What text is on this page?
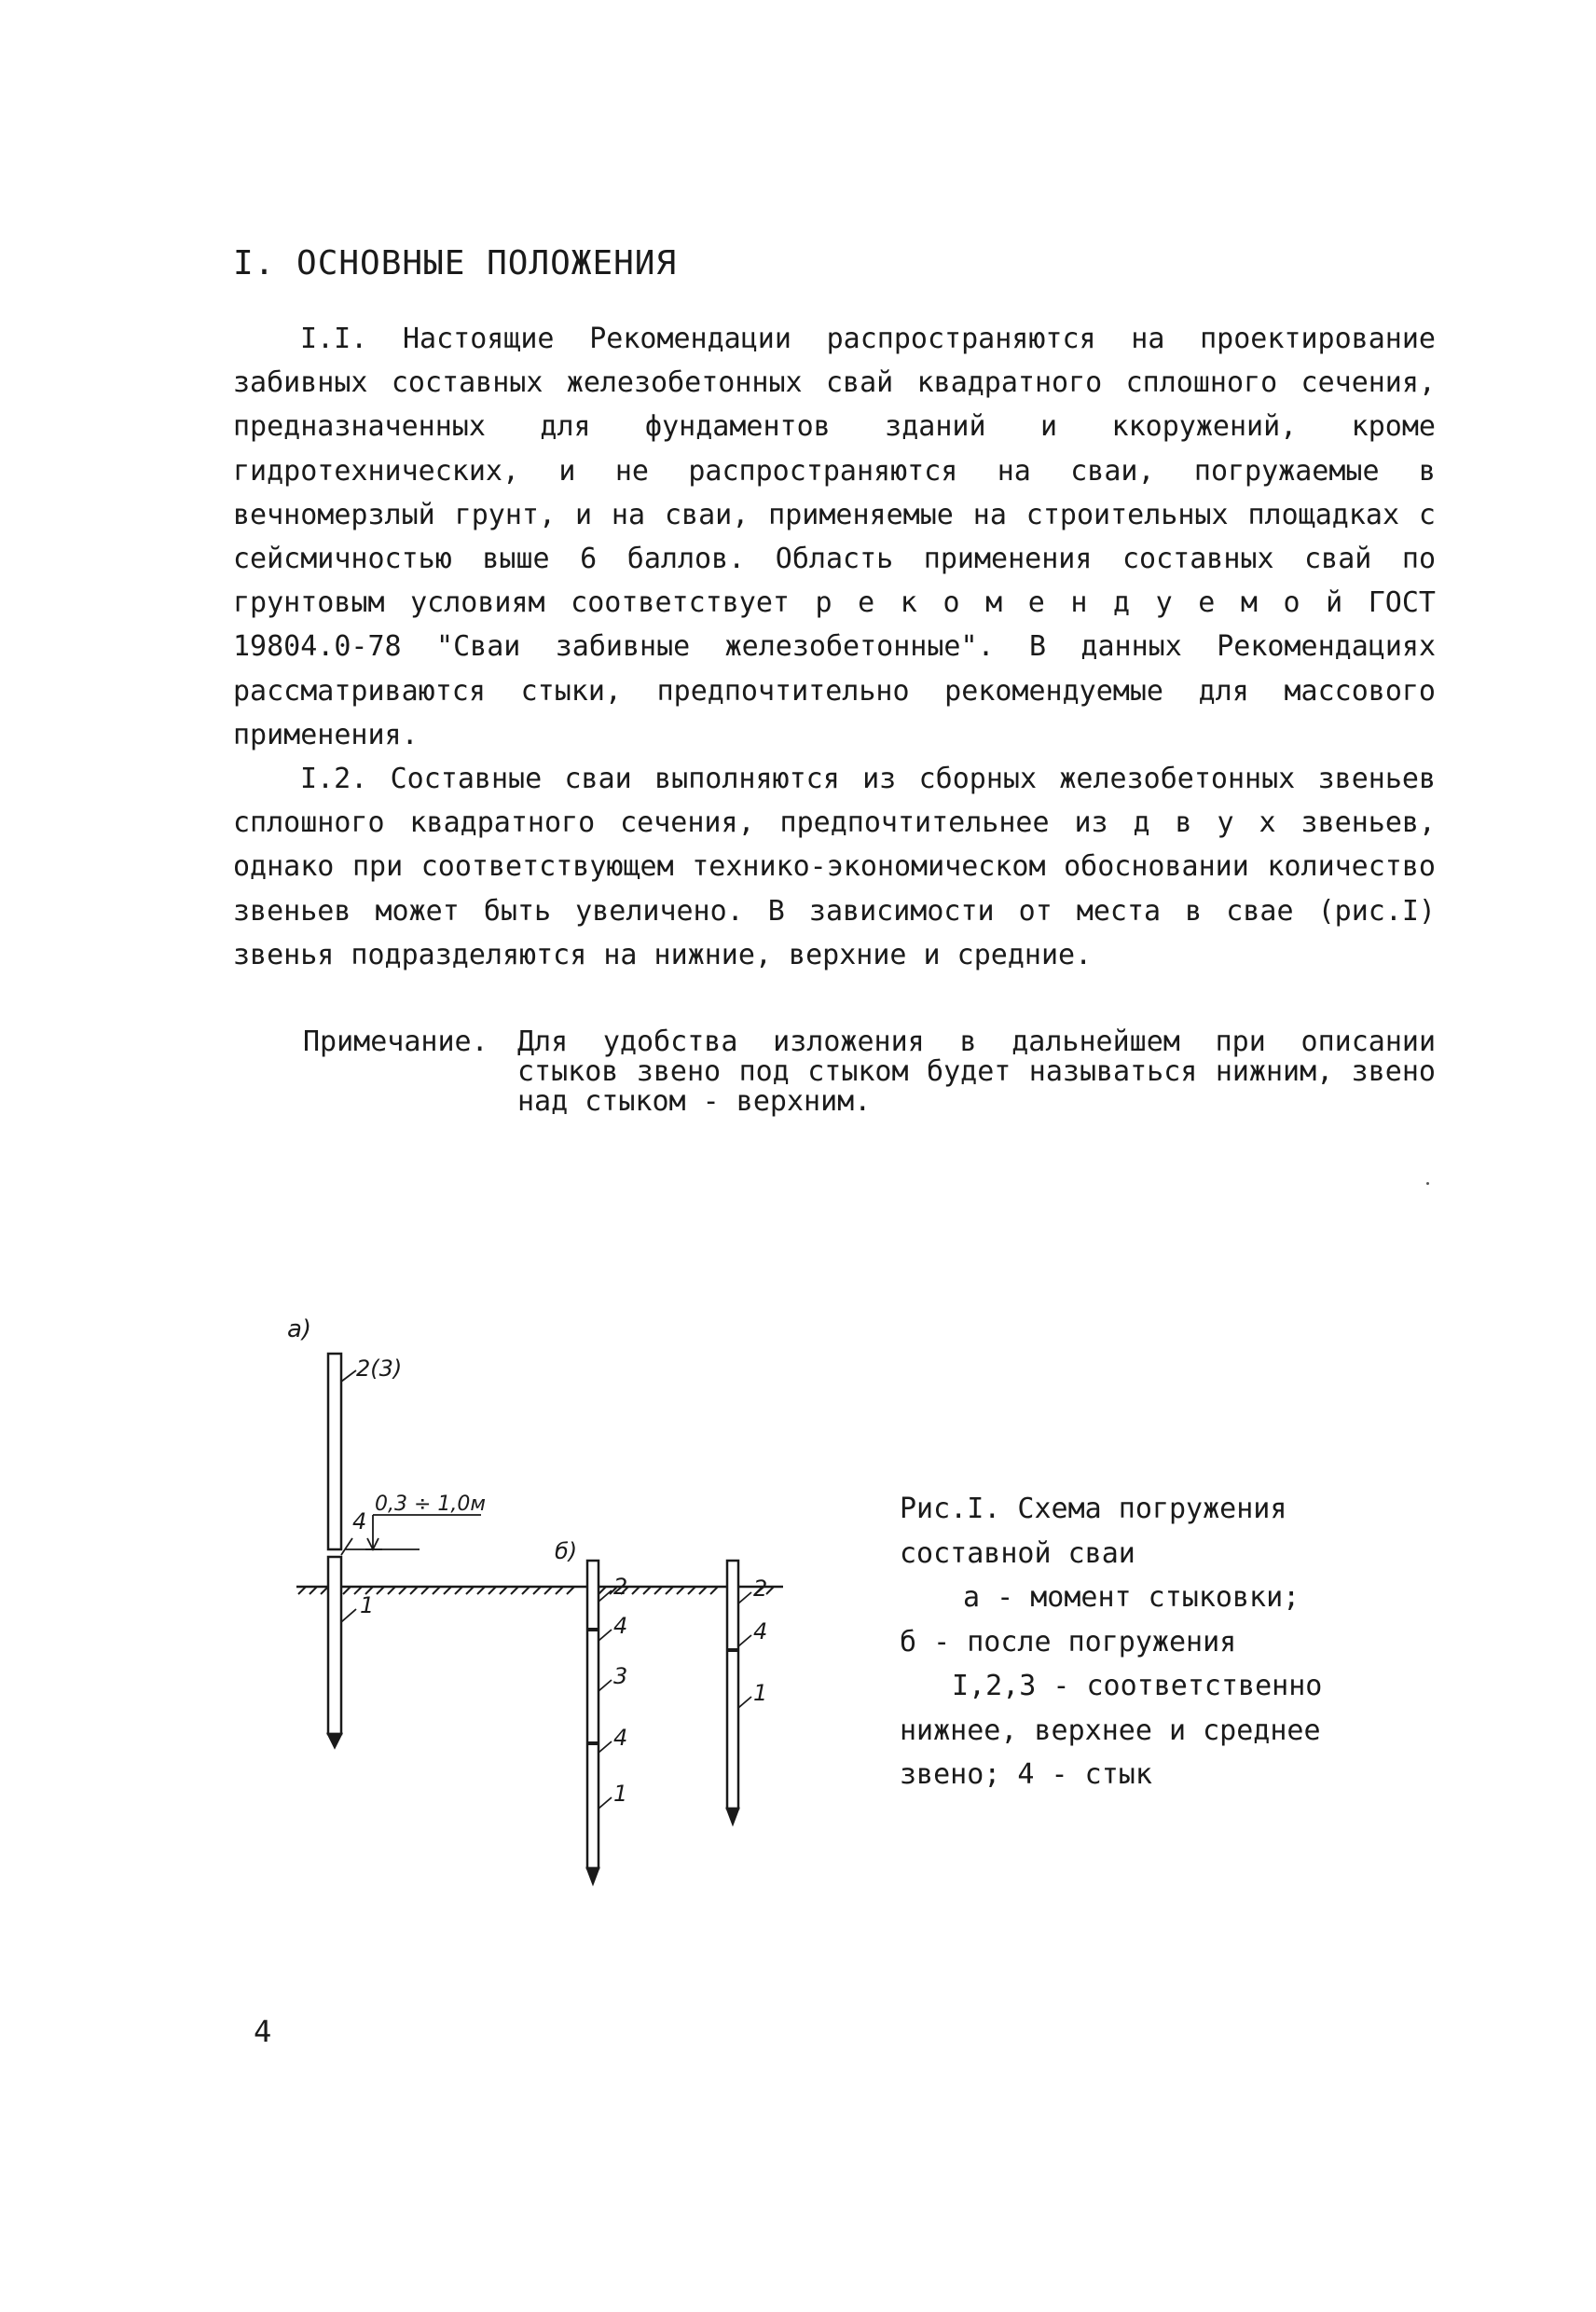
I. ОСНОВНЫЕ ПОЛОЖЕНИЯ
I.I. Настоящие Рекомендации распространяются на проектирование забивных составных железобетонных свай квадратного сплошного сечения, предназначенных для фундаментов зданий и ккоружений, кроме гидротехнических, и не распространяются на сваи, погружаемые в вечномерзлый грунт, и на сваи, применяемые на строительных площадках с сейсмичностью выше 6 баллов. Область применения составных свай по грунтовым условиям соответствует р е к о м е н д у е м о й ГОСТ 19804.0-78 "Сваи забивные железобетонные". В данных Рекомендациях рассматриваются стыки, предпочтительно рекомендуемые для массового применения.
I.2. Составные сваи выполняются из сборных железобетонных звеньев сплошного квадратного сечения, предпочтительнее из д в у х звеньев, однако при соответствующем технико-экономическом обосновании количество звеньев может быть увеличено. В зависимости от места в свае (рис.I) звенья подразделяются на нижние, верхние и средние.
Примечание. Для удобства изложения в дальнейшем при описании стыков звено под стыком будет называться нижним, звено над стыком - верхним.
а)
б)
2(3)
4
1
0,3 ÷ 1,0м
2
4
3
4
1
2
4
1
Рис.I. Схема погружения
составной сваи
а - момент стыковки;
б - после погружения
I,2,3 - соответственно
нижнее, верхнее и среднее
звено; 4 - стык
4
